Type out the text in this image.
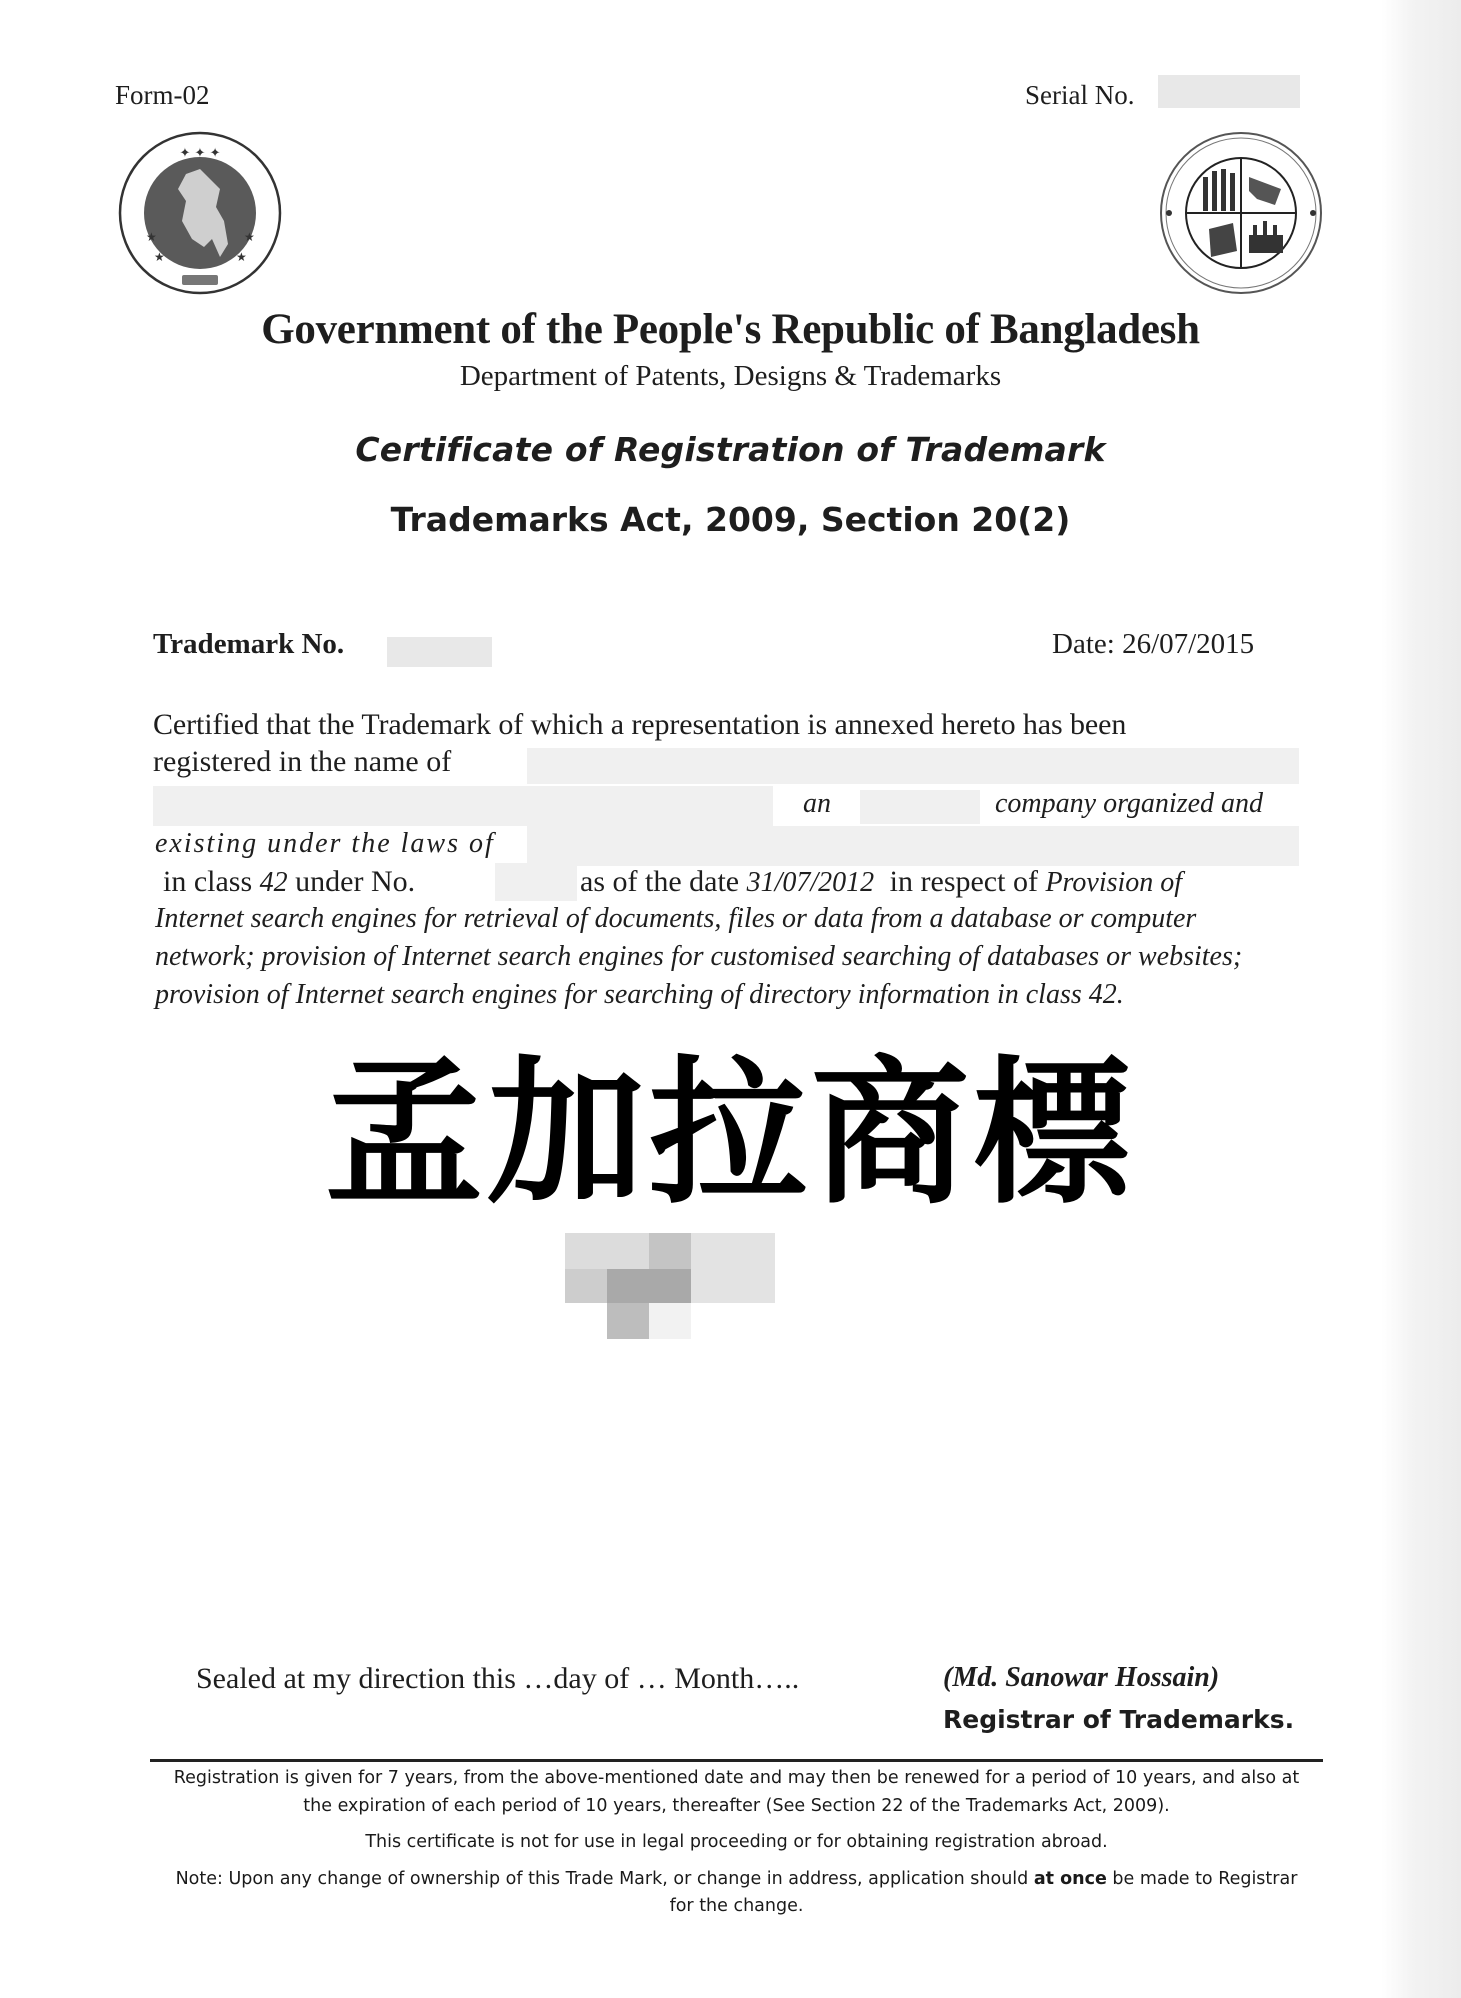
Form-02	Serial No.
✦ ✦ ✦
★	★
★	★
Government of the People's Republic of Bangladesh
Department of Patents, Designs & Trademarks
Certificate of Registration of Trademark
Trademarks Act, 2009, Section 20(2)
Trademark No.	Date: 26/07/2015
Certified that the Trademark of which a representation is annexed hereto has been
registered in the name of
an	company organized and
existing under the laws of
in class 42 under No.	as of the date 31/07/2012 in respect of Provision of
Internet search engines for retrieval of documents, files or data from a database or computer
network; provision of Internet search engines for customised searching of databases or websites;
provision of Internet search engines for searching of directory information in class 42.
孟加拉商標
Sealed at my direction this …day of … Month…..	(Md. Sanowar Hossain)
Registrar of Trademarks.
Registration is given for 7 years, from the above-mentioned date and may then be renewed for a period of 10 years, and also at
the expiration of each period of 10 years, thereafter (See Section 22 of the Trademarks Act, 2009).
This certificate is not for use in legal proceeding or for obtaining registration abroad.
Note: Upon any change of ownership of this Trade Mark, or change in address, application should at once be made to Registrar
for the change.
